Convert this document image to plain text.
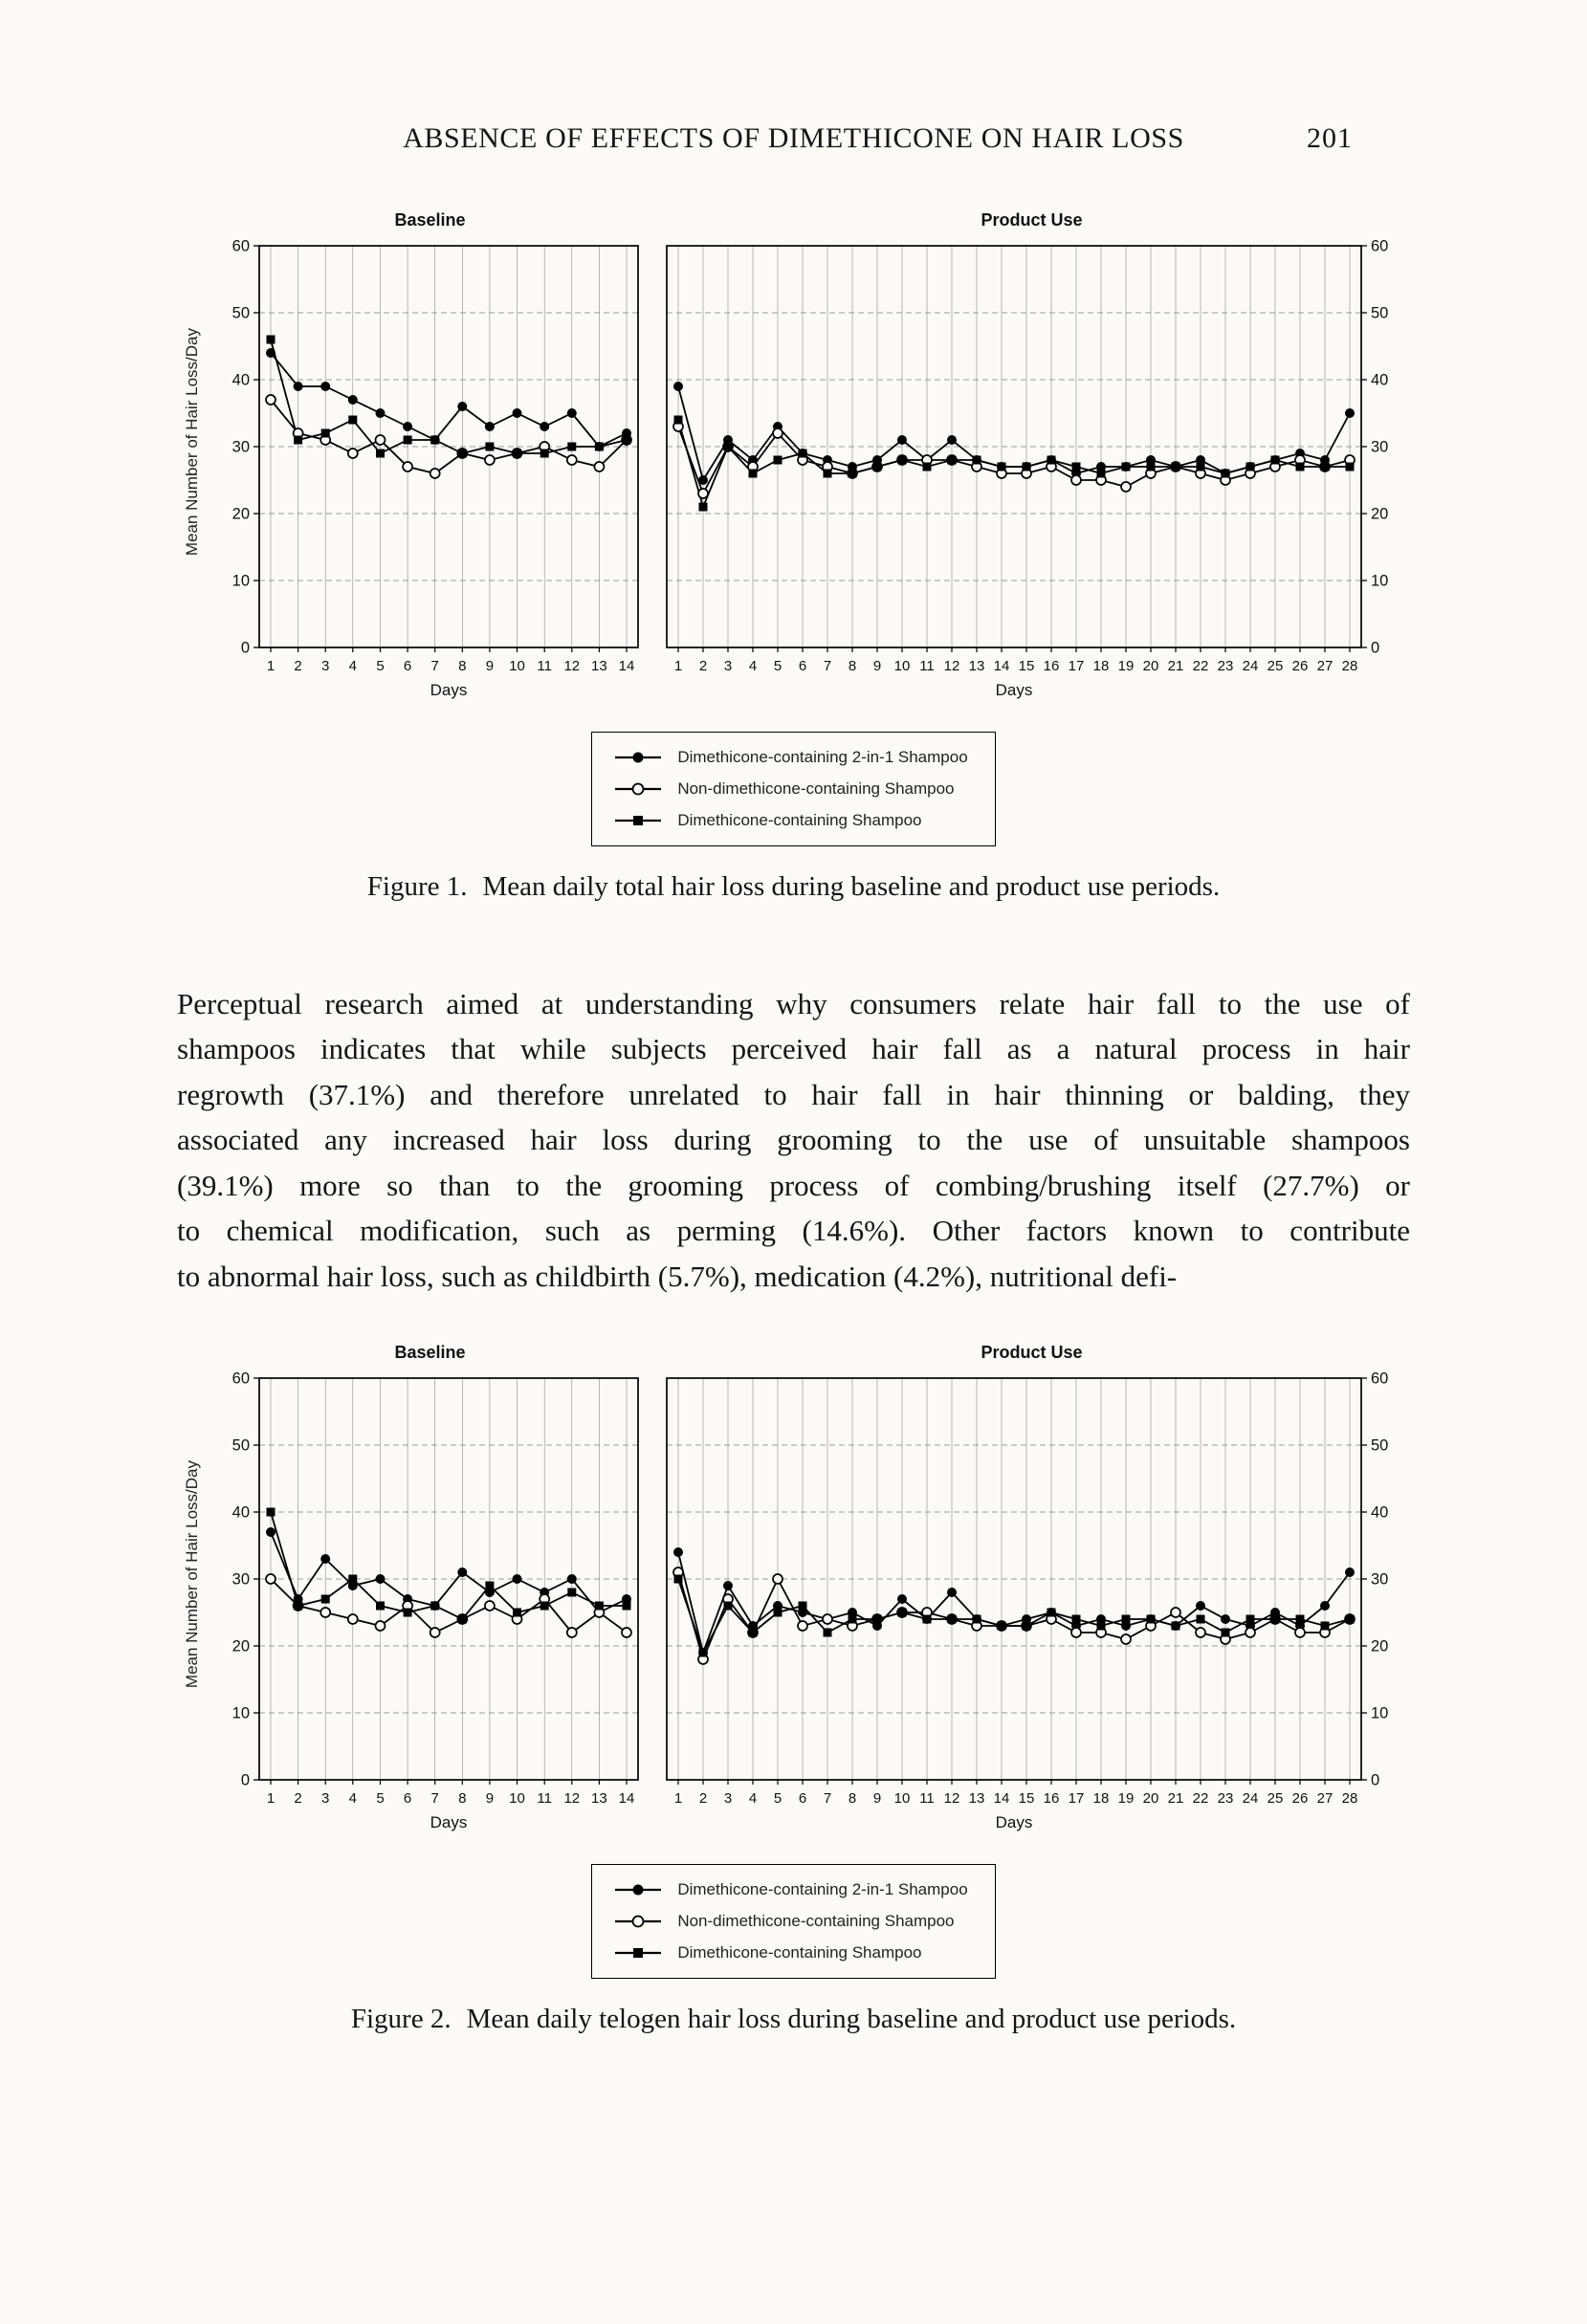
ABSENCE OF EFFECTS OF DIMETHICONE ON HAIR LOSS	201
Mean Number of Hair Loss/Day
Baseline
0
10
20
30
40
50
60
1 2 3 4 5 6 7 8 9 10 11 12 13 14
Days
Product Use
0
10
20
30
40
50
60
1 2 3 4 5 6 7 8 9 10 11 12 13 14 15 16 17 18 19 20 21 22 23 24 25 26 27 28
Days
Dimethicone-containing 2-in-1 Shampoo
Non-dimethicone-containing Shampoo
Dimethicone-containing Shampoo

Figure 1. Mean daily total hair loss during baseline and product use periods.

Perceptual research aimed at understanding why consumers relate hair fall to the use of
shampoos indicates that while subjects perceived hair fall as a natural process in hair
regrowth (37.1%) and therefore unrelated to hair fall in hair thinning or balding, they
associated any increased hair loss during grooming to the use of unsuitable shampoos
(39.1%) more so than to the grooming process of combing/brushing itself (27.7%) or
to chemical modification, such as perming (14.6%). Other factors known to contribute
to abnormal hair loss, such as childbirth (5.7%), medication (4.2%), nutritional defi-
Mean Number of Hair Loss/Day
Baseline
0
10
20
30
40
50
60
1 2 3 4 5 6 7 8 9 10 11 12 13 14
Days
Product Use
0
10
20
30
40
50
60
1 2 3 4 5 6 7 8 9 10 11 12 13 14 15 16 17 18 19 20 21 22 23 24 25 26 27 28
Days
Dimethicone-containing 2-in-1 Shampoo
Non-dimethicone-containing Shampoo
Dimethicone-containing Shampoo

Figure 2. Mean daily telogen hair loss during baseline and product use periods.
